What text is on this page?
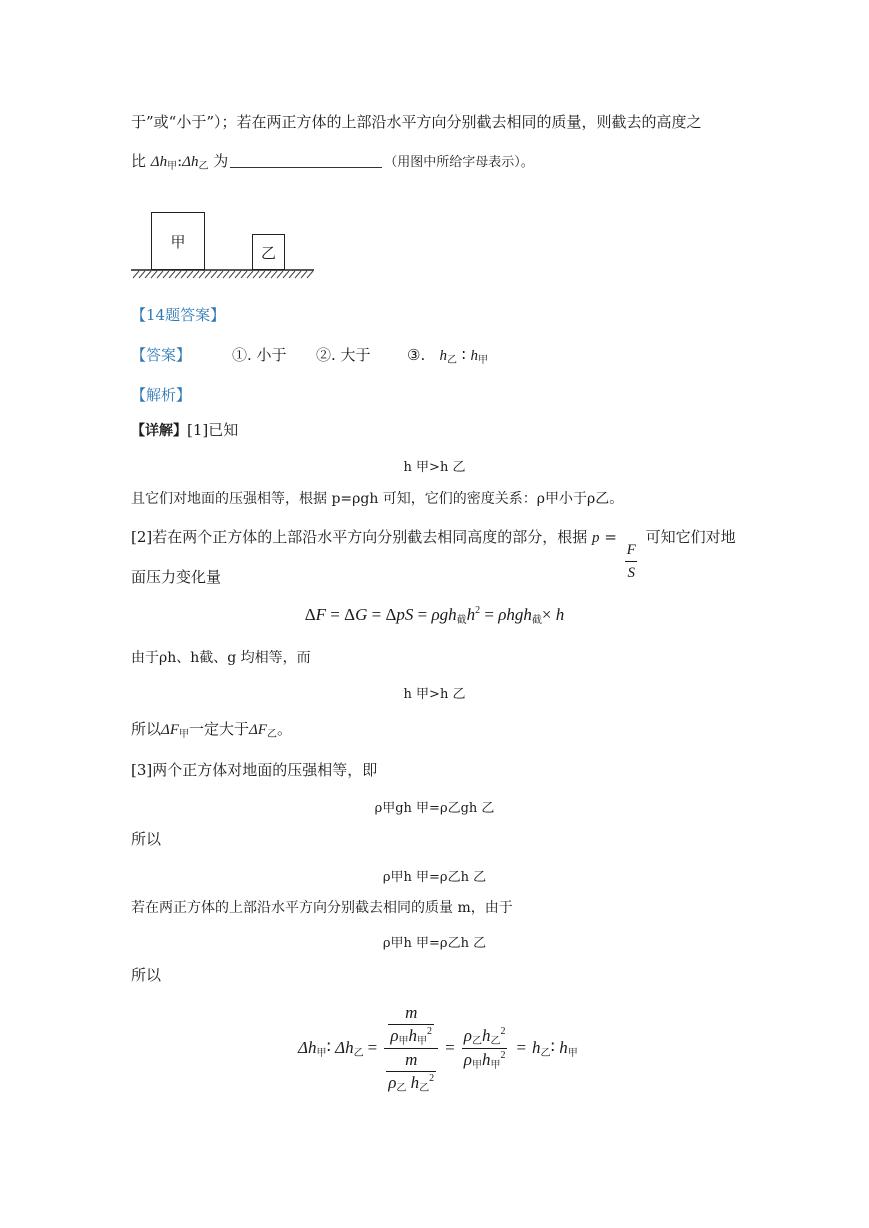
于”或“小于”）；若在两正方体的上部沿水平方向分别截去相同的质量，则截去的高度之
比 $\Delta h_甲:\Delta h_乙$ 为	（用图中所给字母表示）。
甲
乙
【14题答案】
【答案】	①. 小于 ②. 大于 ③. $h_乙$ ∶ $h_甲$
【解析】
【详解】[1]已知
h 甲>h 乙
且它们对地面的压强相等，根据 p=ρgh 可知，它们的密度关系：ρ甲小于ρ乙。
[2]若在两个正方体的上部沿水平方向分别截去相同高度的部分，根据 p =
$\frac{F}{S}$
可知它们对地
面压力变化量
$\Delta F = \Delta G = \Delta pS = \rho gh_截h^2 = \rho hgh_截\times h$
由于ρh、h截、g 均相等，而
h 甲>h 乙
所以$\Delta F_甲$一定大于$\Delta F_乙$。
[3]两个正方体对地面的压强相等，即
ρ甲gh 甲=ρ乙gh 乙
所以
ρ甲h 甲=ρ乙h 乙
若在两正方体的上部沿水平方向分别截去相同的质量 m，由于
ρ甲h 甲=ρ乙h 乙
所以
$\Delta h_甲∶$ $\Delta h_乙 = \frac{\frac{m}{\rho_甲h_甲^2}}{\frac{m}{\rho_乙 h_乙^2}} = \frac{\rho_乙h_乙^2}{\rho_甲h_甲^2}$ = $h_乙∶$ $h_甲$
